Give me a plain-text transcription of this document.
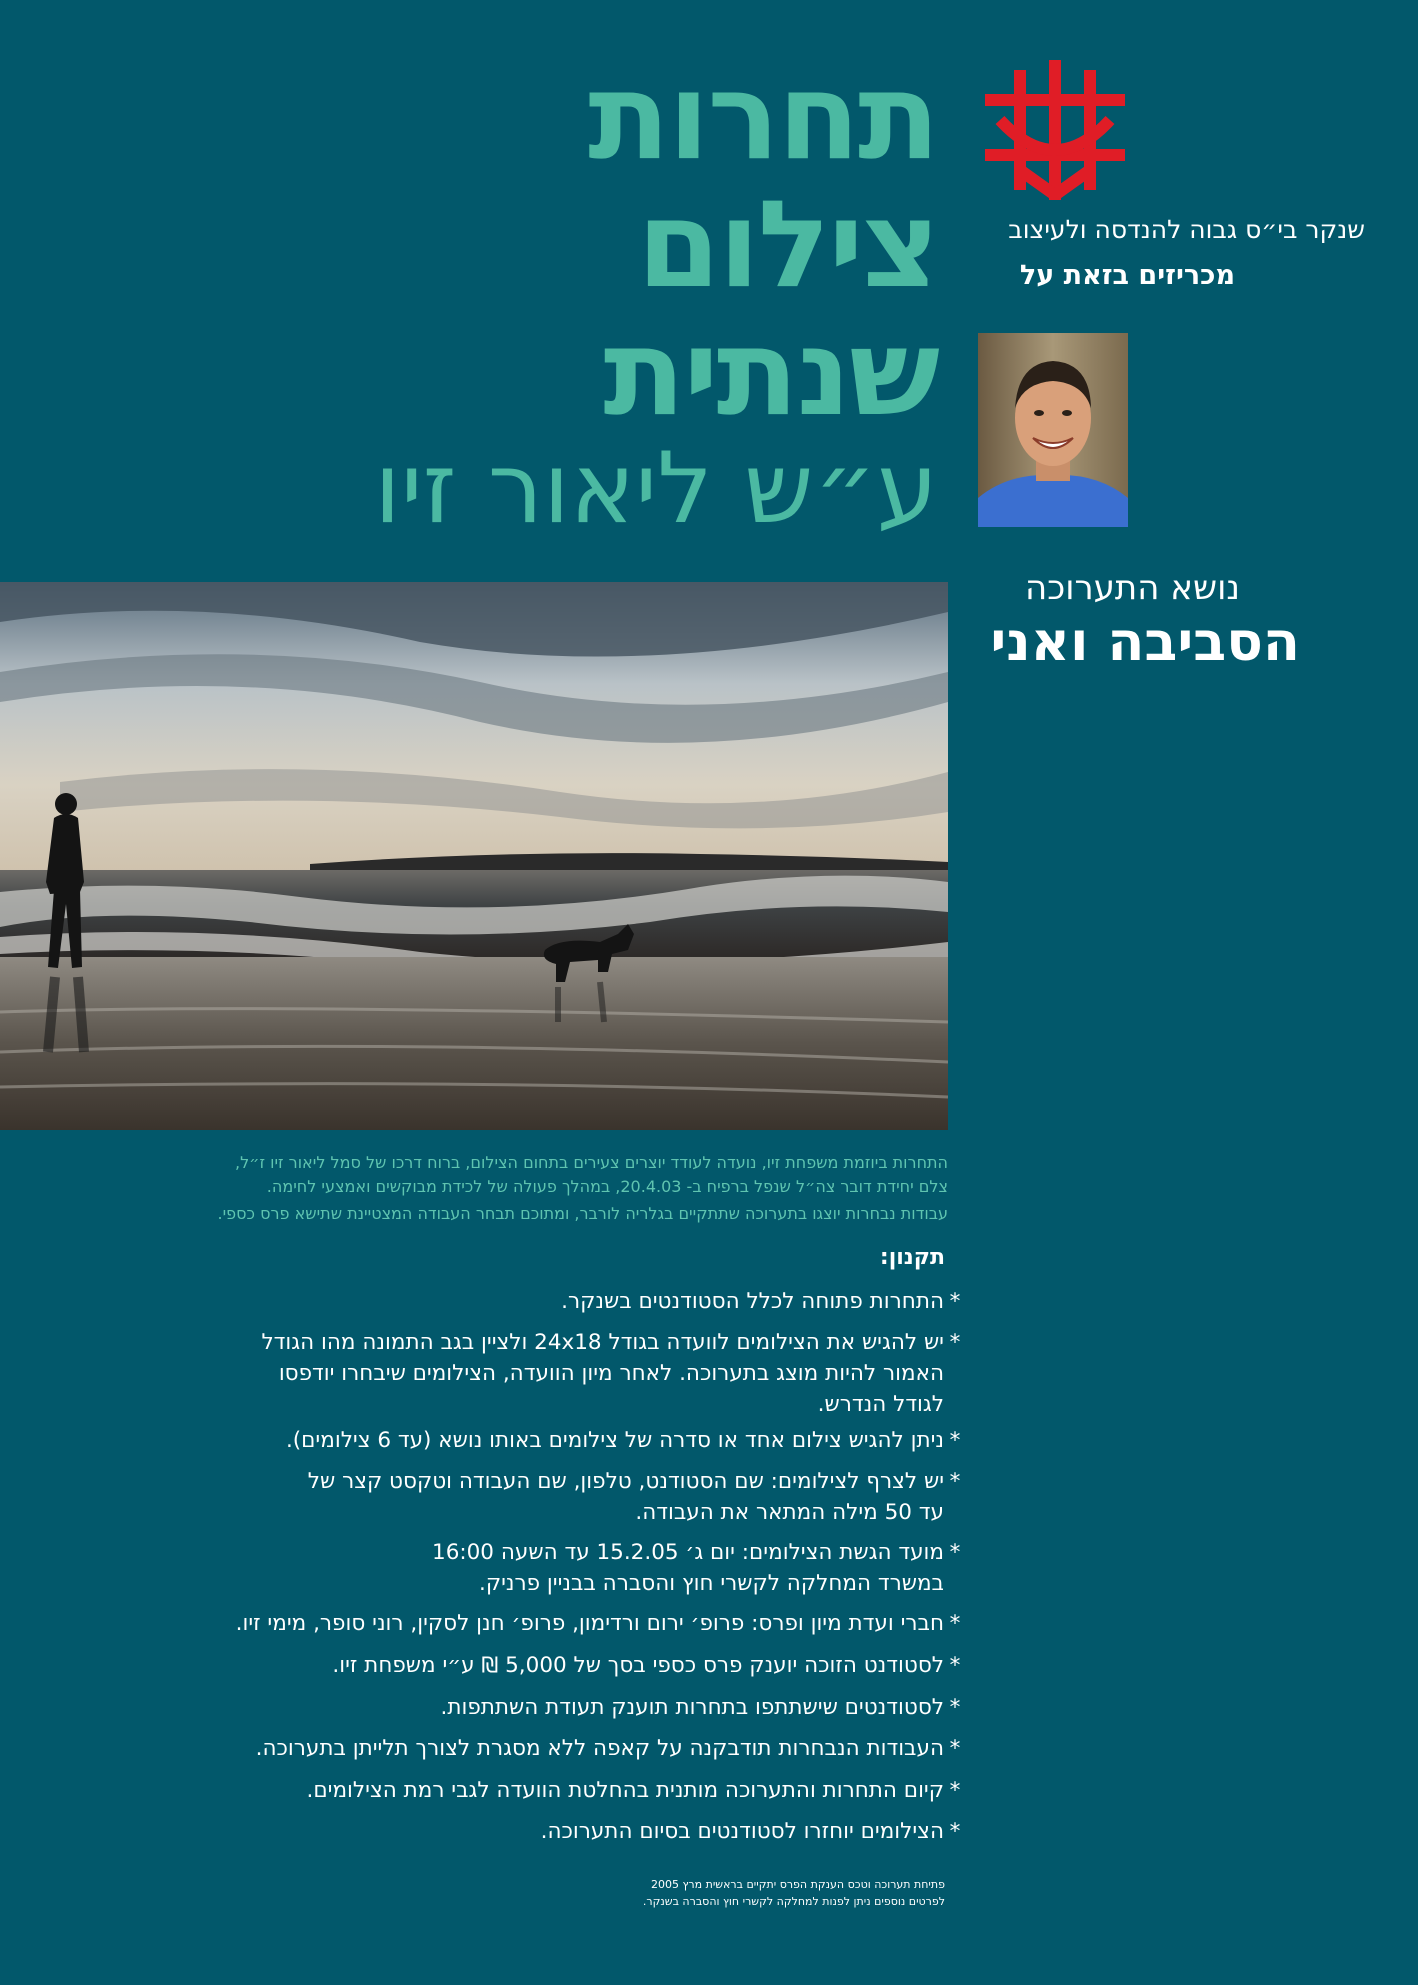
תחרות
צילום
שנתית
ע״ש ליאור זיו
שנקר בי״ס גבוה להנדסה ולעיצוב
מכריזים בזאת על
נושא התערוכה
הסביבה ואני
התחרות ביוזמת משפחת זיו, נועדה לעודד יוצרים צעירים בתחום הצילום, ברוח דרכו של סמל ליאור זיו ז״ל,
צלם יחידת דובר צה״ל שנפל ברפיח ב- 20.4.03, במהלך פעולה של לכידת מבוקשים ואמצעי לחימה.
עבודות נבחרות יוצגו בתערוכה שתתקיים בגלריה לורבר, ומתוכם תבחר העבודה המצטיינת שתישא פרס כספי.
תקנון:
*התחרות פתוחה לכלל הסטודנטים בשנקר.
*יש להגיש את הצילומים לוועדה בגודל 24x18 ולציין בגב התמונה מהו הגודל
האמור להיות מוצג בתערוכה. לאחר מיון הוועדה, הצילומים שיבחרו יודפסו
לגודל הנדרש.
*ניתן להגיש צילום אחד או סדרה של צילומים באותו נושא (עד 6 צילומים).
*יש לצרף לצילומים: שם הסטודנט, טלפון, שם העבודה וטקסט קצר של
עד 50 מילה המתאר את העבודה.
*מועד הגשת הצילומים: יום ג׳ 15.2.05 עד השעה 16:00
במשרד המחלקה לקשרי חוץ והסברה בבניין פרניק.
*חברי ועדת מיון ופרס: פרופ׳ ירום ורדימון, פרופ׳ חנן לסקין, רוני סופר, מימי זיו.
*לסטודנט הזוכה יוענק פרס כספי בסך של 5,000 ₪ ע״י משפחת זיו.
*לסטודנטים שישתתפו בתחרות תוענק תעודת השתתפות.
*העבודות הנבחרות תודבקנה על קאפה ללא מסגרת לצורך תלייתן בתערוכה.
*קיום התחרות והתערוכה מותנית בהחלטת הוועדה לגבי רמת הצילומים.
*הצילומים יוחזרו לסטודנטים בסיום התערוכה.
פתיחת תערוכה וטכס הענקת הפרס יתקיים בראשית מרץ 2005
לפרטים נוספים ניתן לפנות למחלקה לקשרי חוץ והסברה בשנקר.
